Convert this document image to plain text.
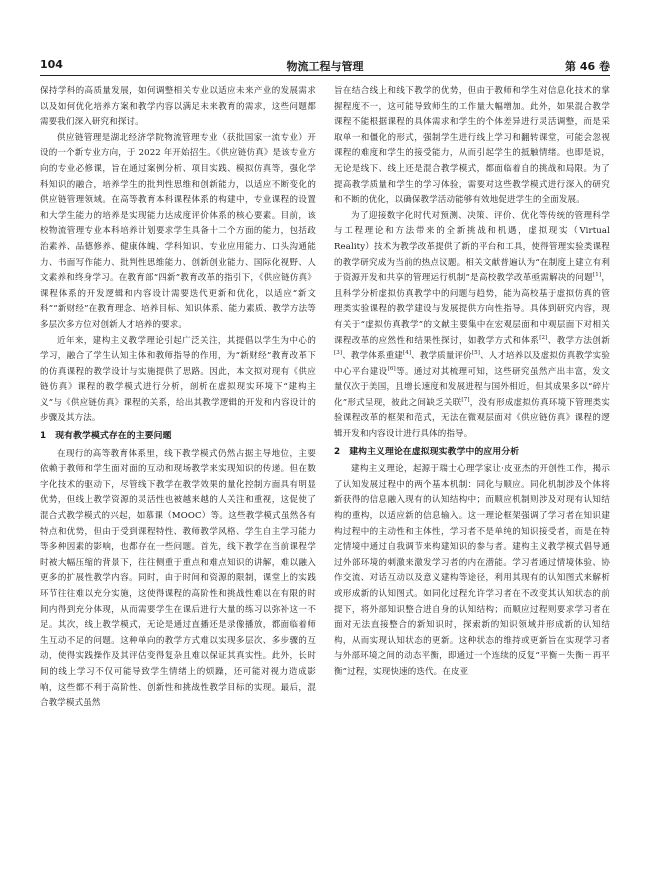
104	物流工程与管理	第 46 卷

保持学科的高质量发展，如何调整相关专业以适应未来产业的发展需求以及如何优化培养方案和教学内容以满足未来教育的需求，这些问题都需要我们深入研究和探讨。

供应链管理是湖北经济学院物流管理专业（获批国家一流专业）开设的一个新专业方向，于 2022 年开始招生。《供应链仿真》是该专业方向的专业必修课，旨在通过案例分析、项目实践、模拟仿真等，强化学科知识的融合，培养学生的批判性思维和创新能力，以适应不断变化的供应链管理领域。在高等教育本科课程体系的构建中，专业课程的设置和大学生能力的培养是实现能力达成度评价体系的核心要素。目前，该校物流管理专业本科培养计划要求学生具备十二个方面的能力，包括政治素养、品德修养、健康体魄、学科知识、专业应用能力、口头沟通能力、书面写作能力、批判性思维能力、创新创业能力、国际化视野、人文素养和终身学习。在教育部“四新”教育改革的指引下，《供应链仿真》课程体系的开发逻辑和内容设计需要迭代更新和优化，以适应“新文科”“新财经”在教育理念、培养目标、知识体系、能力素质、教学方法等多层次多方位对创新人才培养的要求。

近年来，建构主义教学理论引起广泛关注，其提倡以学生为中心的学习，融合了学生认知主体和教师指导的作用，为“新财经”教育改革下的仿真课程的教学设计与实施提供了思路。因此，本文拟对现有《供应链仿真》课程的教学模式进行分析，剖析在虚拟现实环境下“建构主义”与《供应链仿真》课程的关系，给出其教学逻辑的开发和内容设计的步骤及其方法。

1　现有教学模式存在的主要问题

在现行的高等教育体系里，线下教学模式仍然占据主导地位，主要依赖于教师和学生面对面的互动和现场教学来实现知识的传递。但在数字化技术的驱动下，尽管线下教学在教学效果的量化控制方面具有明显优势，但线上教学资源的灵活性也被越来越的人关注和重视，这促使了混合式教学模式的兴起，如慕课（MOOC）等。这些教学模式虽然各有特点和优势，但由于受到课程特性、教师教学风格、学生自主学习能力等多种因素的影响，也都存在一些问题。首先，线下教学在当前课程学时被大幅压缩的背景下，往往侧重于重点和难点知识的讲解，难以融入更多的扩展性教学内容。同时，由于时间和资源的限制，课堂上的实践环节往往难以充分实施，这使得课程的高阶性和挑战性难以在有限的时间内得到充分体现，从而需要学生在课后进行大量的练习以弥补这一不足。其次，线上教学模式，无论是通过直播还是录像播放，都面临着师生互动不足的问题。这种单向的教学方式难以实现多层次、多步骤的互动，使得实践操作及其评估变得复杂且难以保证其真实性。此外，长时间的线上学习不仅可能导致学生情绪上的烦躁，还可能对视力造成影响，这些都不利于高阶性、创新性和挑战性教学目标的实现。最后，混合教学模式虽然

旨在结合线上和线下教学的优势，但由于教师和学生对信息化技术的掌握程度不一，这可能导致师生的工作量大幅增加。此外，如果混合教学课程不能根据课程的具体需求和学生的个体差异进行灵活调整，而是采取单一和僵化的形式，强制学生进行线上学习和翻转课堂，可能会忽视课程的难度和学生的接受能力，从而引起学生的抵触情绪。也即是说，无论是线下、线上还是混合教学模式，都面临着自的挑战和局限。为了提高教学质量和学生的学习体验，需要对这些教学模式进行深入的研究和不断的优化，以确保教学活动能够有效地促进学生的全面发展。

为了迎接数字化时代对预测、决策、评价、优化等传统的管理科学与工程理论和方法带来的全新挑战和机遇，虚拟现实（Virtual Reality）技术为教学改革提供了新的平台和工具，使得管理实验类课程的教学研究成为当前的热点议题。相关文献普遍认为“在制度上建立有利于资源开发和共享的管理运行机制”是高校教学改革亟需解决的问题[1]，且科学分析虚拟仿真教学中的问题与趋势，能为高校基于虚拟仿真的管理类实验课程的教学建设与发展提供方向性指导。具体到研究内容，现有关于“虚拟仿真教学”的文献主要集中在宏观层面和中观层面下对相关课程改革的应然性和结果性探讨，如教学方式和体系[2]、教学方法创新[3]、教学体系重建[4]、教学质量评价[5]、人才培养以及虚拟仿真教学实验中心平台建设[6]等。通过对其梳理可知，这些研究虽然产出丰富，发文量仅次于美国，且增长速度和发展进程与国外相近，但其成果多以“碎片化”形式呈现，彼此之间缺乏关联[7]，没有形成虚拟仿真环境下管理类实验课程改革的框架和范式，无法在微观层面对《供应链仿真》课程的逻辑开发和内容设计进行具体的指导。

2　建构主义理论在虚拟现实教学中的应用分析

建构主义理论，起源于瑞士心理学家让·皮亚杰的开创性工作，揭示了认知发展过程中的两个基本机制：同化与顺应。同化机制涉及个体将新获得的信息融入现有的认知结构中；而顺应机制则涉及对现有认知结构的重构，以适应新的信息输入。这一理论框架强调了学习者在知识建构过程中的主动性和主体性，学习者不是单纯的知识接受者，而是在特定情境中通过自我调节来构建知识的参与者。建构主义教学模式倡导通过外部环境的刺激来激发学习者的内在潜能。学习者通过情境体验、协作交流、对话互动以及意义建构等途径，利用其现有的认知图式来解析或形成新的认知图式。如同化过程允许学习者在不改变其认知状态的前提下，将外部知识整合进自身的认知结构；而顺应过程则要求学习者在面对无法直接整合的新知识时，探索新的知识领域并形成新的认知结构，从而实现认知状态的更新。这种状态的维持或更新旨在实现学习者与外部环境之间的动态平衡，即通过一个连续的反复“平衡－失衡－再平衡”过程，实现快速的迭代。在皮亚
